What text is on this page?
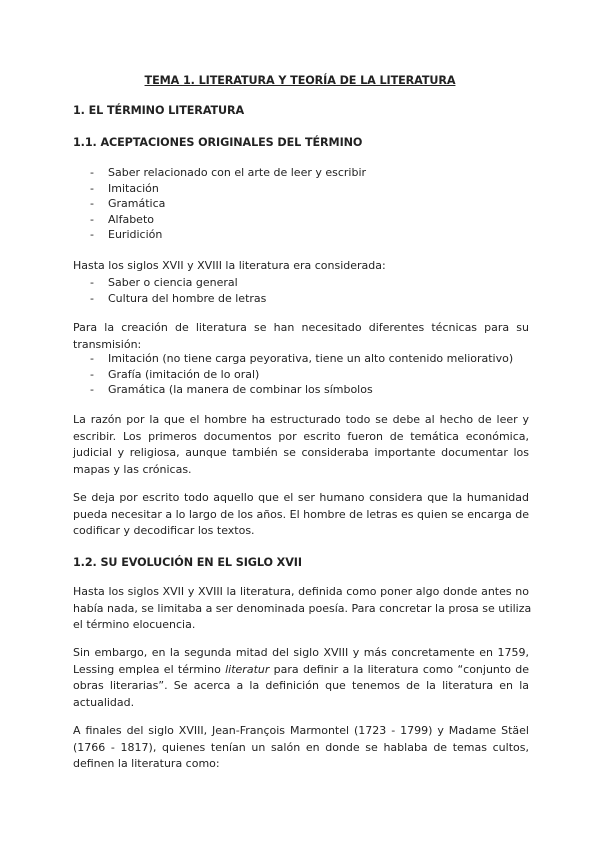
TEMA 1. LITERATURA Y TEORÍA DE LA LITERATURA
1. EL TÉRMINO LITERATURA
1.1. ACEPTACIONES ORIGINALES DEL TÉRMINO
- Saber relacionado con el arte de leer y escribir
- Imitación
- Gramática
- Alfabeto
- Euridición

Hasta los siglos XVII y XVIII la literatura era considerada:

- Saber o ciencia general
- Cultura del hombre de letras

Para la creación de literatura se han necesitado diferentes técnicas para su
transmisión:

- Imitación (no tiene carga peyorativa, tiene un alto contenido meliorativo)
- Grafía (imitación de lo oral)
- Gramática (la manera de combinar los símbolos

La razón por la que el hombre ha estructurado todo se debe al hecho de leer y
escribir. Los primeros documentos por escrito fueron de temática económica,
judicial y religiosa, aunque también se consideraba importante documentar los
mapas y las crónicas.

Se deja por escrito todo aquello que el ser humano considera que la humanidad
pueda necesitar a lo largo de los años. El hombre de letras es quien se encarga de
codificar y decodificar los textos.

1.2. SU EVOLUCIÓN EN EL SIGLO XVII

Hasta los siglos XVII y XVIII la literatura, definida como poner algo donde antes no
había nada, se limitaba a ser denominada poesía. Para concretar la prosa se utiliza
el término elocuencia.

Sin embargo, en la segunda mitad del siglo XVIII y más concretamente en 1759,
Lessing emplea el término literatur para definir a la literatura como “conjunto de
obras literarias”. Se acerca a la definición que tenemos de la literatura en la
actualidad.

A finales del siglo XVIII, Jean-François Marmontel (1723 - 1799) y Madame Stäel
(1766 - 1817), quienes tenían un salón en donde se hablaba de temas cultos,
definen la literatura como:
